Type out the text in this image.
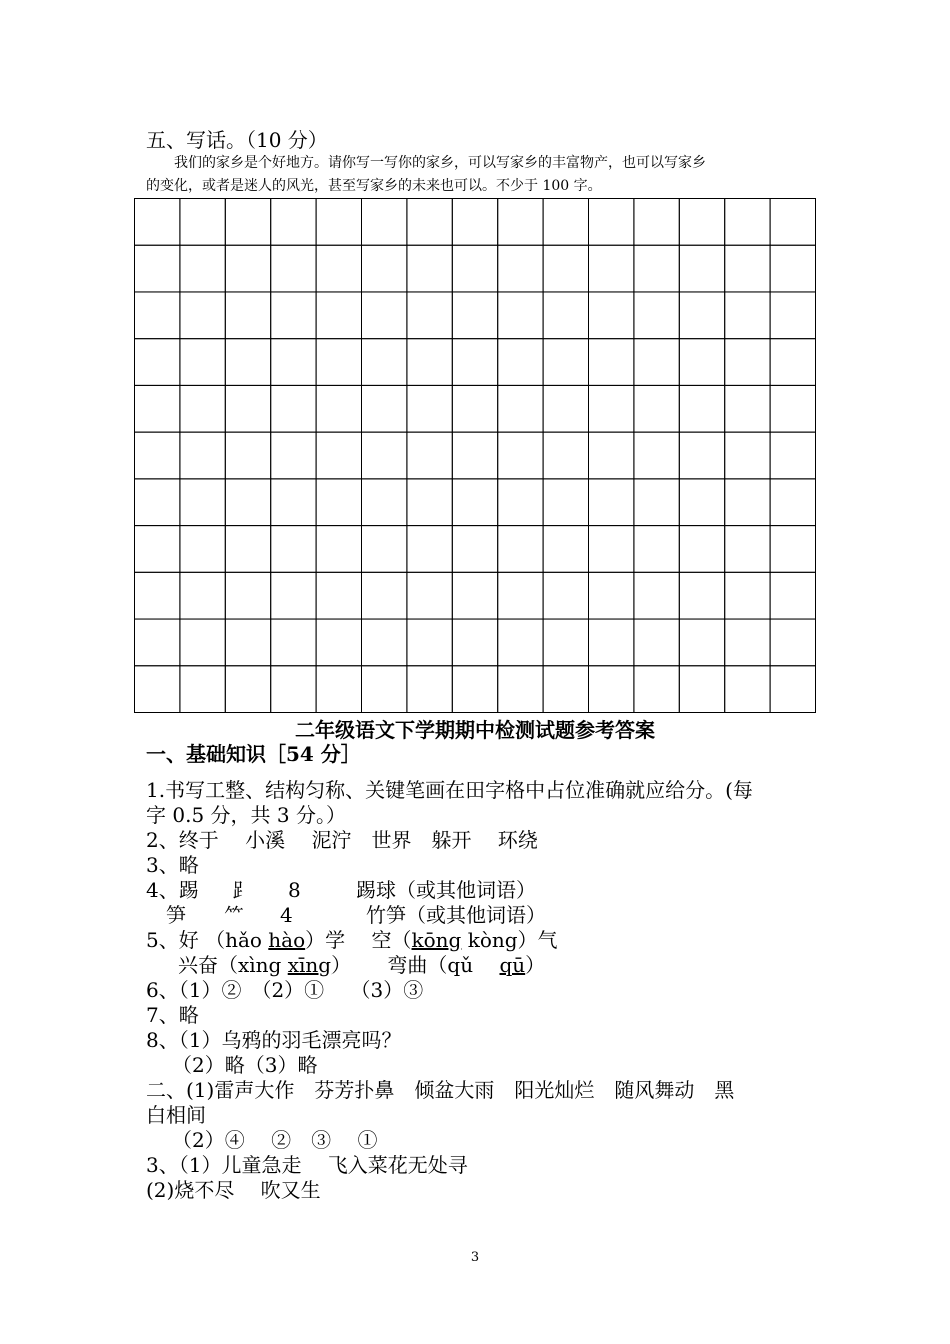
五、写话。（10 分）
我们的家乡是个好地方。请你写一写你的家乡，可以写家乡的丰富物产，也可以写家乡
的变化，或者是迷人的风光，甚至写家乡的未来也可以。不少于 100 字。
二年级语文下学期期中检测试题参考答案
一、基础知识［54 分］
1.书写工整、结构匀称、关键笔画在田字格中占位准确就应给分。(每
字 0.5 分，共 3 分。）
2、终于　 小溪　 泥泞　世界　躲开　 环绕
3、略
4、踢 ⻊ 8	踢球（或其他词语）
笋 ⺮ 4	竹笋（或其他词语）
5、好 （hǎo hào）学　 空（kōng kòng）气
兴奋（xìng xīng）　　 弯曲（qǔ　 qū）
6、（1）②　（2）①　 （3）③
7、略
8、（1）乌鸦的羽毛漂亮吗？
（2）略（3）略
二、(1)雷声大作　芬芳扑鼻　倾盆大雨　阳光灿烂　随风舞动　黑
白相间
（2）④　 ②　③　 ①
3、（1）儿童急走　 飞入菜花无处寻
(2)烧不尽　 吹又生
3
